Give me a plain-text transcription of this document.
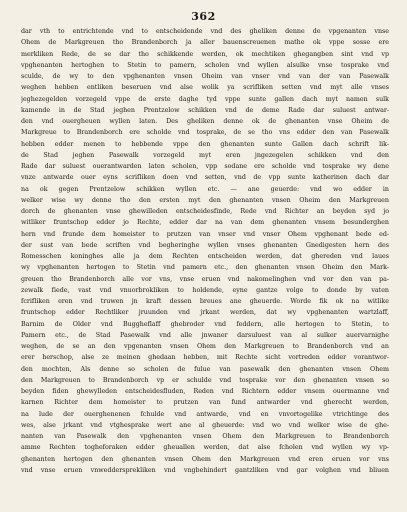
362
dar vth to entrichtende vnd to entscheidende vnd des gheliken denne de vpgenanten vnse
Ohem de Markgreuen tho Brandenborch ja aller bauenscreuenen mathe ok vppe sosse ere
merkliken Rede, de se dar tho schikkende werden, ok mechtiken ghegangben sint vnd vp
vpghenanten hertoghen to Stetin to pamern, scholen vnd wyllen alsulke vnse tosprake vnd
sculde, de wy to den vpghenanten vnsen Oheim van vnser vnd van der van Pasewalk
weghen hebben entliken beseruen vnd alse wolik ya scrifliken setten vnd myt alle vnses
jeghezegelden vorzegeld vppe de erste daghe tyd vppe sunte gallen dach myt namen sulk
kamende in de Stad jeghen Prentzelow schikken vnd de deme Rade dar suluest antwar-
den vnd ouergheuen wyllen laten. Des gheliken denne ok de ghenanten vnse Oheim de
Markgreue to Brandenborch ere scholde vnd tosprake, de se tho vns edder den van Pasewalk
hebben edder menen to hebbende vppe den ghenanten sunte Gallen dach schrift lik-
de Stad jeghen Pasewalk vorzegeld myt eren jngezegelen schikken vnd den
Rade dar suluest ouerantwarden laten scholen, vpp sodane ere scholde vnd tosprake wy dene
vnze antwarde ouer eyns scrifliken doen vnd setten, vnd de vpp sunte katherinen dach dar
na ok gegen Prentzelow schikken wyllen etc. — ane geuerde: vnd wo edder in
welker wise wy denne tho den ersten myt den ghenanten vnsen Oheim den Markgreuen
dorch de ghenanten vnse ghewilleden entscheidesfinde, Rede vnd Richter an beyden syd jo
witliker fruntschop edder jo Rechte, edder dar na van dem ghenanten vnsem besunderghen
hern vnd frunde dem homeister to prutzen van vnser vnd vnser Ohem vpghenant bede ed-
der sust van bede scriften vnd begheringhe wyllen vnses ghenanten Gnedigesten hern des
Romesschen koninghes alle ja dem Rechten entscheiden werden, dat ghereden vnd laues
wy vpghenanten hertogen to Stetin vnd pamern etc., den ghenanten vnsen Oheim den Mark-
greuen tho Brandenborch alle vor vns, vnse eruen vnd nakomelinghen vnd vor den van pa-
zewalk fiede, vast vnd vnuorbrokliken to holdende, eyne gantze volge to donde by vaten
fcrifliken eren vnd truwen jn kraft dessen breues ane gheuerde. Worde fik ok na witlike
fruntschop edder Rechtliker jruunden vnd jrkant werden, dat wy vpghenanten wartzlaff,
Barnim de Older vnd Buggheflaff ghebroder vnd feddern, alle hertogen to Stetin, to
Pamern etc., de Stad Pasewalk vnd alle jnwaner darsuluest van al sulker auervarnighe
weghen, de se an den vpgenanten vnsen Ohem den Markgreuen to Brandenborch vnd an
erer herschop, alse ze meinen ghedaan hebben, mit Rechte sicht vortreden edder vorantwor-
den mochten, Als denne so scholen de fulue van pasewalk den ghenanten vnsen Ohem
den Markgreuen to Brandenborch vp er schulde vnd tosprake vor den ghenanten vnsen so
beyden fiden ghewylleden entscheidesfluden, Reden vnd Richtern edder vnsem ouermanne vnd
karnen Richter dem homeister to prutzen van fund antwarder vnd gherecht werden,
na lude der ouerghenenen fchulde vnd antwarde, vnd en vnvortogelike vtrichtinge des
wes, alse jrkant vnd vtghesprake wert ane al gheuerde: vnd wo vnd welker wise de ghe-
nanten van Pasewalk den vpghenanten vnsen Ohem den Markgreuen to Brandenborch
amme Rechten togheforaken edder gheuallen werden, dat alse fcholen vnd wyllen wy vp-
ghenanten hertogen den ghenanten vnsen Ohem den Markgreuen vnd eren eruen vor vns
vnd vnse eruen vnweddersprekliken vnd vngbehindert gantzliken vnd gar volghen vnd bliuen
